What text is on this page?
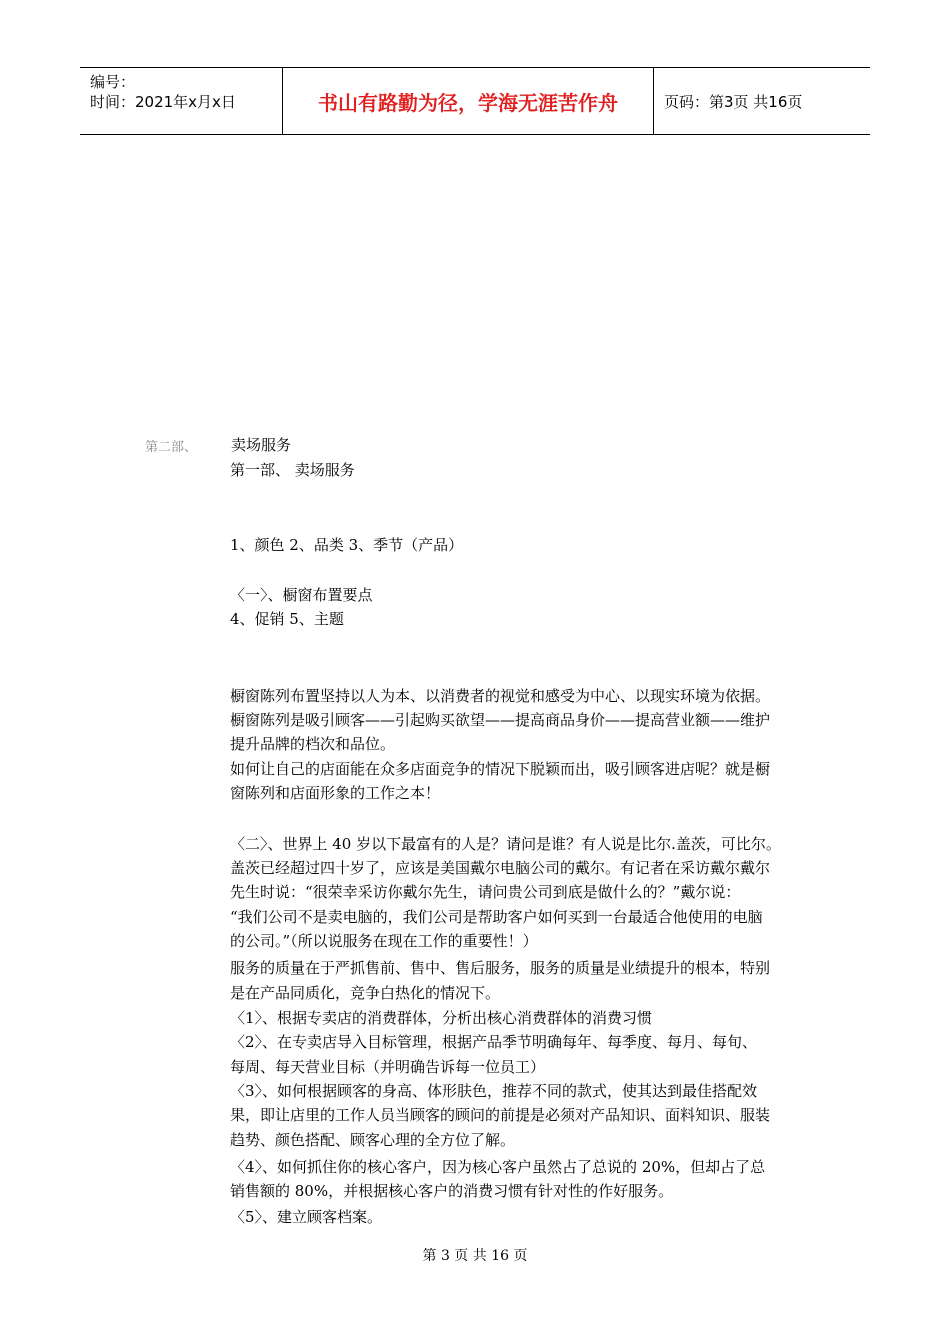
编号：
时间：2021年x月x日	书山有路勤为径，学海无涯苦作舟	页码：第3页 共16页
第二部、 卖场服务
第一部、 卖场服务
1、颜色 2、品类 3、季节（产品）
〈一〉、橱窗布置要点
4、促销 5、主题
橱窗陈列布置坚持以人为本、以消费者的视觉和感受为中心、以现实环境为依据。
橱窗陈列是吸引顾客——引起购买欲望——提高商品身价——提高营业额——维护
提升品牌的档次和品位。
如何让自己的店面能在众多店面竞争的情况下脱颖而出，吸引顾客进店呢？就是橱
窗陈列和店面形象的工作之本！
〈二〉、世界上 40 岁以下最富有的人是？请问是谁？有人说是比尔.盖茨，可比尔。
盖茨已经超过四十岁了，应该是美国戴尔电脑公司的戴尔。有记者在采访戴尔戴尔
先生时说：“很荣幸采访你戴尔先生，请问贵公司到底是做什么的？”戴尔说：
“我们公司不是卖电脑的，我们公司是帮助客户如何买到一台最适合他使用的电脑
的公司。”（所以说服务在现在工作的重要性！）
服务的质量在于严抓售前、售中、售后服务，服务的质量是业绩提升的根本，特别
是在产品同质化，竞争白热化的情况下。
〈1〉、根据专卖店的消费群体，分析出核心消费群体的消费习惯
〈2〉、在专卖店导入目标管理，根据产品季节明确每年、每季度、每月、每旬、
每周、每天营业目标（并明确告诉每一位员工）
〈3〉、如何根据顾客的身高、体形肤色，推荐不同的款式，使其达到最佳搭配效
果，即让店里的工作人员当顾客的顾问的前提是必须对产品知识、面料知识、服装
趋势、颜色搭配、顾客心理的全方位了解。
〈4〉、如何抓住你的核心客户，因为核心客户虽然占了总说的 20%，但却占了总
销售额的 80%，并根据核心客户的消费习惯有针对性的作好服务。
〈5〉、建立顾客档案。
第 3 页 共 16 页
